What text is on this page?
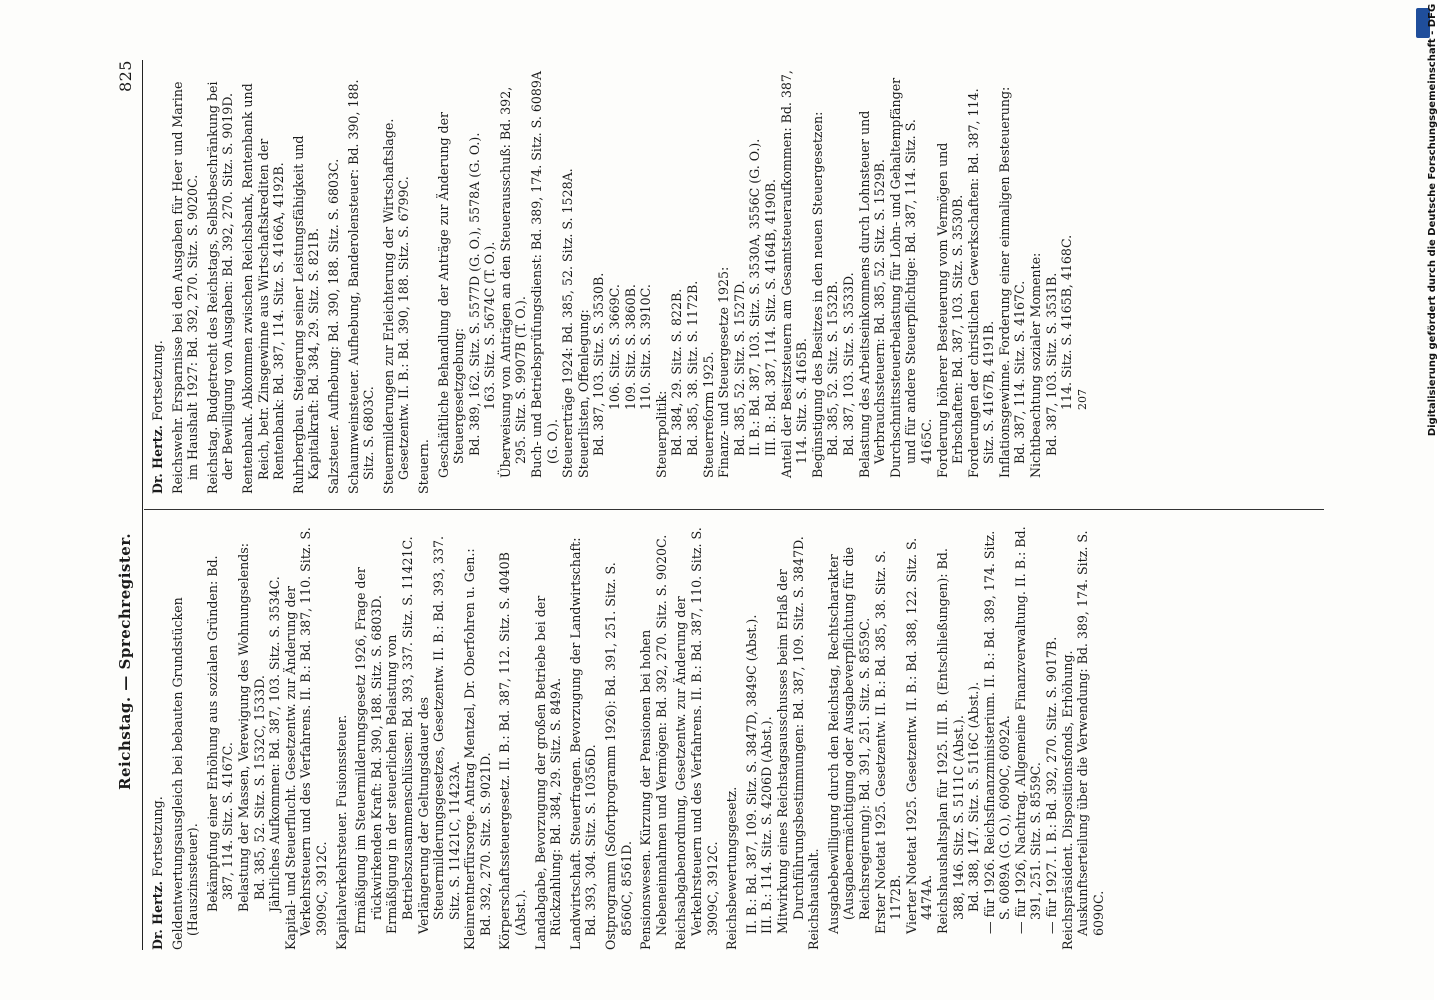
Reichstag. — Sprechregister.
825

Dr. Hertz. Fortsetzung. Geldentwertungsausgleich bei bebauten Grundstücken (Hauszinssteuer). Bekämpfung einer Erhöhung aus sozialen Gründen: Bd. 387, 114. Sitz. S. 4167C. Belastung der Massen, Verewigung des Wohnungselends: Bd. 385, 52. Sitz. S. 1532C, 1533D. Jährliches Aufkommen: Bd. 387, 103. Sitz. S. 3534C. Kapital- und Steuerflucht. Gesetzentw. zur Änderung der Verkehrsteuern und des Verfahrens. II. B.: Bd. 387, 110. Sitz. S. 3909C, 3912C. Kapitalverkehrsteuer. Fusionssteuer. Ermäßigung im Steuermilderungsgesetz 1926, Frage der rückwirkenden Kraft: Bd. 390, 188. Sitz. S. 6803D. Ermäßigung in der steuerlichen Belastung von Betriebszusammenschlüssen: Bd. 393, 337. Sitz. S. 11421C. Verlängerung der Geltungsdauer des Steuermilderungsgesetzes, Gesetzentw. II. B.: Bd. 393, 337. Sitz. S. 11421C, 11423A. Kleinrentnerfürsorge. Antrag Mentzel, Dr. Oberfohren u. Gen.: Bd. 392, 270. Sitz. S. 9021D. Körperschaftssteuergesetz. II. B.: Bd. 387, 112. Sitz. S. 4040B (Abst.). Landabgabe, Bevorzugung der großen Betriebe bei der Rückzahlung: Bd. 384, 29. Sitz. S. 849A. Landwirtschaft. Steuerfragen. Bevorzugung der Landwirtschaft: Bd. 393, 304. Sitz. S. 10356D. Ostprogramm (Sofortprogramm 1926): Bd. 391, 251. Sitz. S. 8560C, 8561D. Pensionswesen. Kürzung der Pensionen bei hohen Nebeneinnahmen und Vermögen: Bd. 392, 270. Sitz. S. 9020C. Reichsabgabenordnung, Gesetzentw. zur Änderung der Verkehrsteuern und des Verfahrens. II. B.: Bd. 387, 110. Sitz. S. 3909C, 3912C. Reichsbewertungsgesetz. II. B.: Bd. 387, 109. Sitz. S. 3847D, 3849C (Abst.). III. B.: 114. Sitz. S. 4206D (Abst.). Mitwirkung eines Reichstagsausschusses beim Erlaß der Durchführungsbestimmungen: Bd. 387, 109. Sitz. S. 3847D. Reichshaushalt. Ausgabebewilligung durch den Reichstag, Rechtscharakter (Ausgabeermächtigung oder Ausgabeverpflichtung für die Reichsregierung): Bd. 391, 251. Sitz. S. 8559C. Erster Notetat 1925. Gesetzentw. II. B.: Bd. 385, 38. Sitz. S. 1172B. Vierter Notetat 1925. Gesetzentw. II. B.: Bd. 388, 122. Sitz. S. 4474A. Reichshaushaltsplan für 1925. III. B. (Entschließungen): Bd. 388, 146. Sitz. S. 5111C (Abst.). Bd. 388, 147. Sitz. S. 5116C (Abst.). — für 1926. Reichsfinanzministerium. II. B.: Bd. 389, 174. Sitz. S. 6089A (G. O.), 6090C, 6092A. — für 1926, Nachtrag. Allgemeine Finanzverwaltung. II. B.: Bd. 391, 251. Sitz. S. 8559C. — für 1927. I. B.: Bd. 392, 270. Sitz. S. 9017B. Reichspräsident. Dispositionsfonds, Erhöhung. Auskunftserteilung über die Verwendung: Bd. 389, 174. Sitz. S. 6090C.

Dr. Hertz. Fortsetzung. Reichswehr. Ersparnisse bei den Ausgaben für Heer und Marine im Haushalt 1927: Bd. 392, 270. Sitz. S. 9020C. Reichstag. Budgetrecht des Reichstags, Selbstbeschränkung bei der Bewilligung von Ausgaben: Bd. 392, 270. Sitz. S. 9019D. Rentenbank. Abkommen zwischen Reichsbank, Rentenbank und Reich, betr. Zinsgewinne aus Wirtschaftskrediten der Rentenbank: Bd. 387, 114. Sitz. S. 4166A, 4192B. Ruhrbergbau. Steigerung seiner Leistungsfähigkeit und Kapitalkraft: Bd. 384, 29. Sitz. S. 821B. Salzsteuer. Aufhebung: Bd. 390, 188. Sitz. S. 6803C. Schaumweinsteuer. Aufhebung, Banderolensteuer: Bd. 390, 188. Sitz. S. 6803C. Steuermilderungen zur Erleichterung der Wirtschaftslage. Gesetzentw. II. B.: Bd. 390, 188. Sitz. S. 6799C. Steuern. Geschäftliche Behandlung der Anträge zur Änderung der Steuergesetzgebung: Bd. 389, 162. Sitz. S. 5577D (G. O.), 5578A (G. O.). 163. Sitz. S. 5674C (T. O.). Überweisung von Anträgen an den Steuerausschuß: Bd. 392, 295. Sitz. S. 9907B (T. O.). Buch- und Betriebsprüfungsdienst: Bd. 389, 174. Sitz. S. 6089A (G. O.). Steuererträge 1924: Bd. 385, 52. Sitz. S. 1528A. Steuerlisten, Offenlegung: Bd. 387, 103. Sitz. S. 3530B. 106. Sitz. S. 3669C. 109. Sitz. S. 3860B. 110. Sitz. S. 3910C.

Steuerpolitik: Bd. 384, 29. Sitz. S. 822B. Bd. 385, 38. Sitz. S. 1172B. Steuerreform 1925. Finanz- und Steuergesetze 1925: Bd. 385, 52. Sitz. S. 1527D. II. B.: Bd. 387, 103. Sitz. S. 3530A, 3556C (G. O.). III. B.: Bd. 387, 114. Sitz. S. 4164B, 4190B. Anteil der Besitzsteuern am Gesamtsteueraufkommen: Bd. 387, 114. Sitz. S. 4165B. Begünstigung des Besitzes in den neuen Steuergesetzen: Bd. 385, 52. Sitz. S. 1532B. Bd. 387, 103. Sitz. S. 3533D. Belastung des Arbeitseinkommens durch Lohnsteuer und Verbrauchssteuern: Bd. 385, 52. Sitz. S. 1529B. Durchschnittssteuerbelastung für Lohn- und Gehaltempfänger und für andere Steuerpflichtige: Bd. 387, 114. Sitz. S. 4165C. Forderung höherer Besteuerung vom Vermögen und Erbschaften: Bd. 387, 103. Sitz. S. 3530B. Forderungen der christlichen Gewerkschaften: Bd. 387, 114. Sitz. S. 4167B, 4191B. Inflationsgewinne. Forderung einer einmaligen Besteuerung: Bd. 387, 114. Sitz. S. 4167C. Nichtbeachtung sozialer Momente: Bd. 387, 103. Sitz. S. 3531B. 114. Sitz. S. 4165B, 4168C. 207	Digitalisierung gefördert durch die Deutsche Forschungsgemeinschaft - DFG
